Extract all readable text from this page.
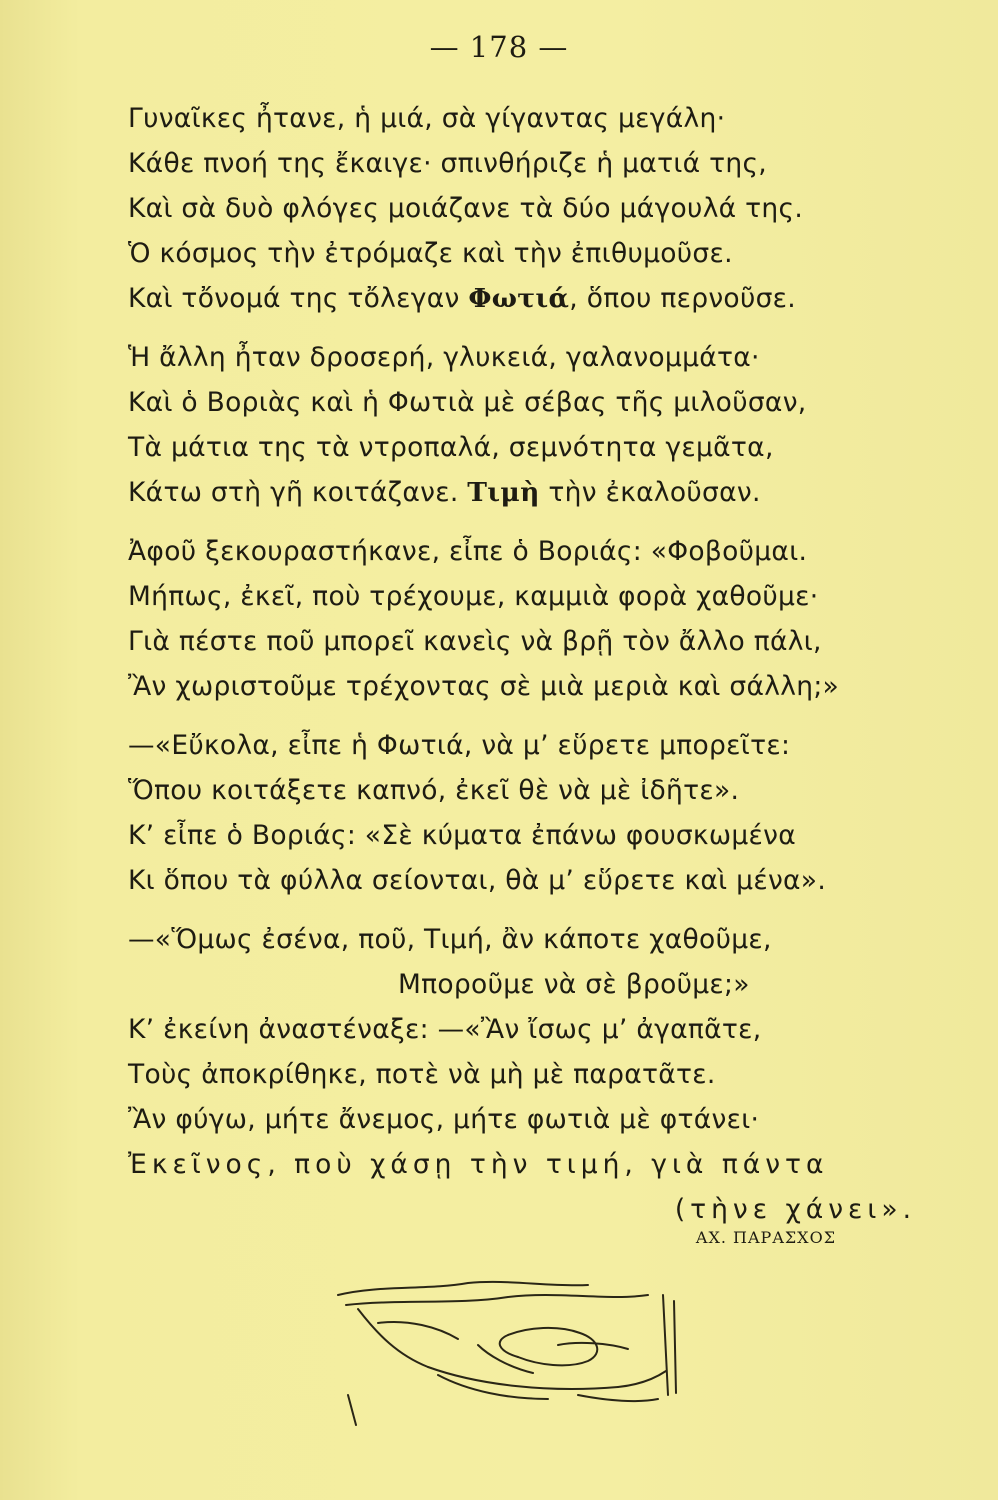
— 178 —
Γυναῖκες ἦτανε, ἡ μιά, σὰ γίγαντας μεγάλη·
Κάθε πνοή της ἔκαιγε· σπινθήριζε ἡ ματιά της,
Καὶ σὰ δυὸ φλόγες μοιάζανε τὰ δύο μάγουλά της.
Ὁ κόσμος τὴν ἐτρόμαζε καὶ τὴν ἐπιθυμοῦσε.
Καὶ τὄνομά της τὄλεγαν Φωτιά, ὅπου περνοῦσε.
Ἡ ἄλλη ἦταν δροσερή, γλυκειά, γαλανομμάτα·
Καὶ ὁ Βοριὰς καὶ ἡ Φωτιὰ μὲ σέβας τῆς μιλοῦσαν,
Τὰ μάτια της τὰ ντροπαλά, σεμνότητα γεμᾶτα,
Κάτω στὴ γῆ κοιτάζανε. Τιμὴ τὴν ἐκαλοῦσαν.
Ἀφοῦ ξεκουραστήκανε, εἶπε ὁ Βοριάς: «Φοβοῦμαι.
Μήπως, ἐκεῖ, ποὺ τρέχουμε, καμμιὰ φορὰ χαθοῦμε·
Γιὰ πέστε ποῦ μπορεῖ κανεὶς νὰ βρῇ τὸν ἄλλο πάλι,
Ἂν χωριστοῦμε τρέχοντας σὲ μιὰ μεριὰ καὶ σάλλη;»
—«Εὔκολα, εἶπε ἡ Φωτιά, νὰ μ’ εὕρετε μπορεῖτε:
Ὅπου κοιτάξετε καπνό, ἐκεῖ θὲ νὰ μὲ ἰδῆτε».
Κ’ εἶπε ὁ Βοριάς: «Σὲ κύματα ἐπάνω φουσκωμένα
Κι ὅπου τὰ φύλλα σείονται, θὰ μ’ εὕρετε καὶ μένα».
—«Ὅμως ἐσένα, ποῦ, Τιμή, ἂν κάποτε χαθοῦμε,
Μποροῦμε νὰ σὲ βροῦμε;»
Κ’ ἐκείνη ἀναστέναξε: —«Ἂν ἴσως μ’ ἀγαπᾶτε,
Τοὺς ἀποκρίθηκε, ποτὲ νὰ μὴ μὲ παρατᾶτε.
Ἂν φύγω, μήτε ἄνεμος, μήτε φωτιὰ μὲ φτάνει·
Ἐκεῖνος, ποὺ χάσῃ τὴν τιμή, γιὰ πάντα
(τὴνε χάνει».
ΑΧ. ΠΑΡΑΣΧΟΣ
